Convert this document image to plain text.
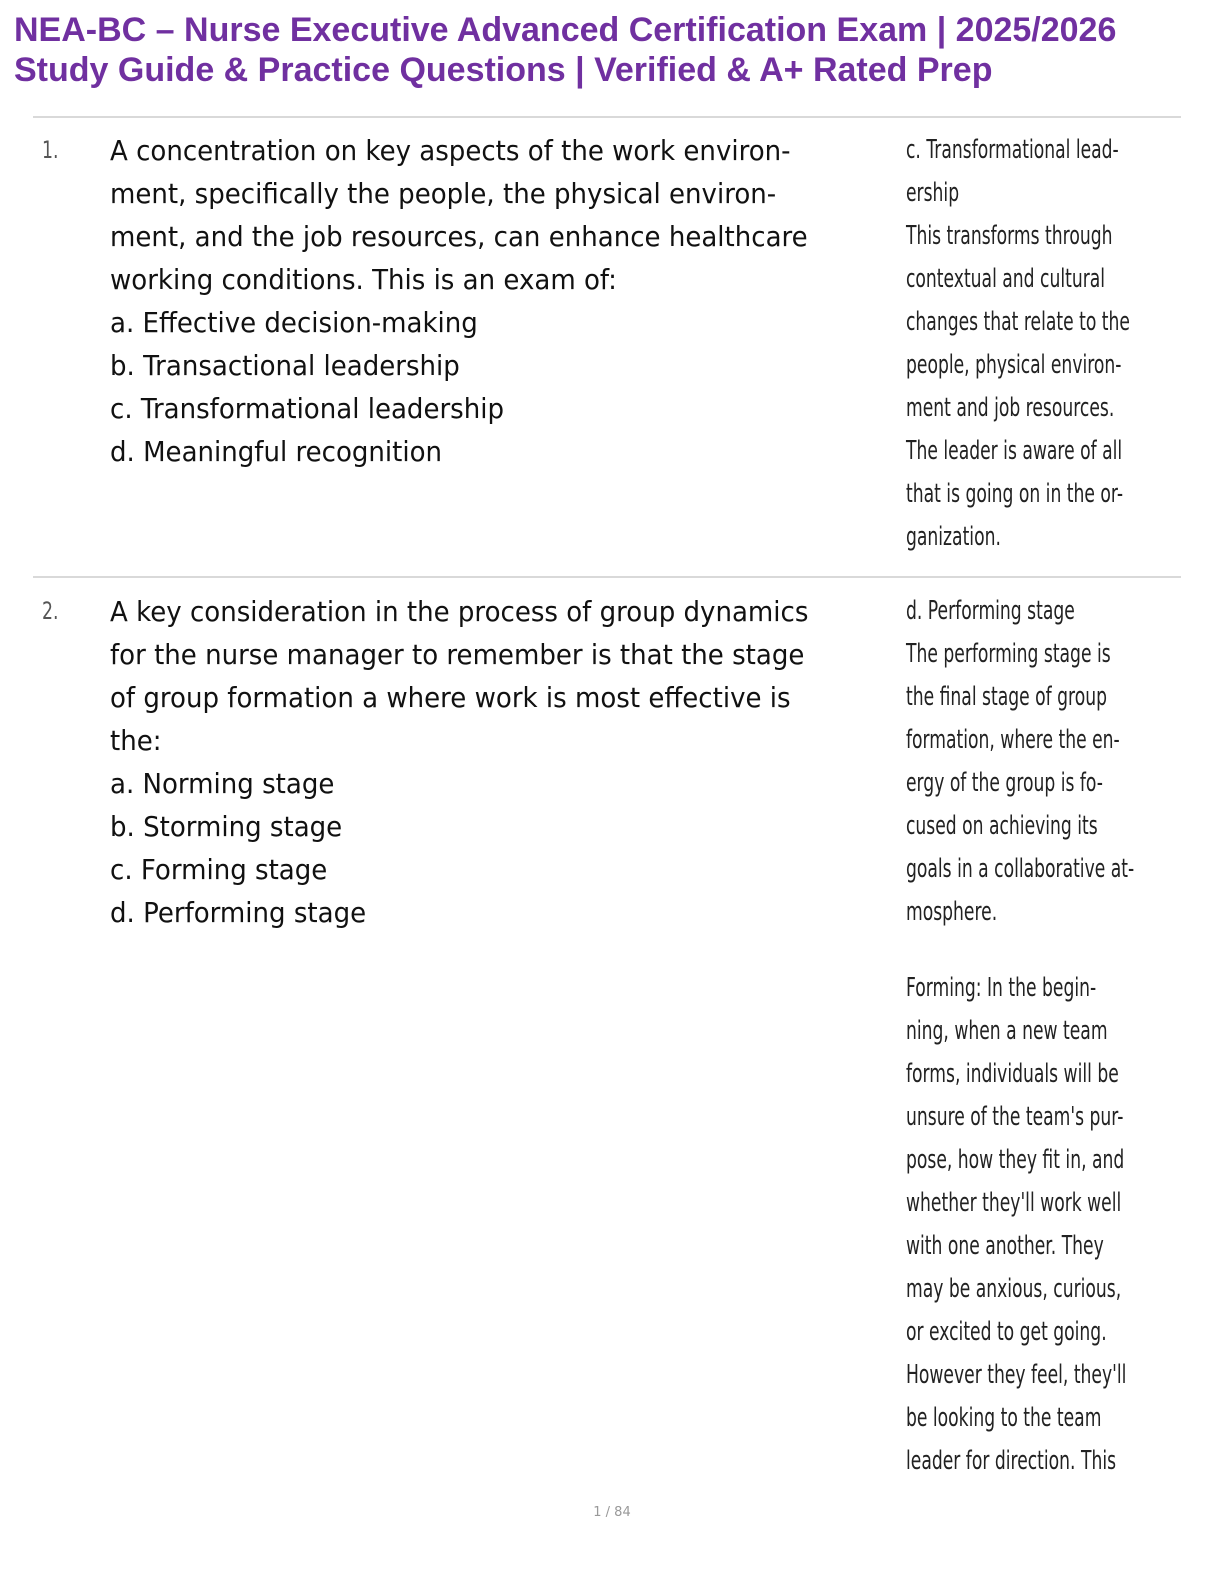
NEA-BC – Nurse Executive Advanced Certification Exam | 2025/2026
Study Guide & Practice Questions | Verified & A+ Rated Prep
1. A concentration on key aspects of the work environ-
ment, specifically the people, the physical environ-
ment, and the job resources, can enhance healthcare
working conditions. This is an exam of:
a. Effective decision-making
b. Transactional leadership
c. Transformational leadership
d. Meaningful recognition
c. Transformational lead-
ership
This transforms through
contextual and cultural
changes that relate to the
people, physical environ-
ment and job resources.
The leader is aware of all
that is going on in the or-
ganization.
2. A key consideration in the process of group dynamics
for the nurse manager to remember is that the stage
of group formation a where work is most effective is
the:
a. Norming stage
b. Storming stage
c. Forming stage
d. Performing stage
d. Performing stage
The performing stage is
the final stage of group
formation, where the en-
ergy of the group is fo-
cused on achieving its
goals in a collaborative at-
mosphere.
Forming: In the begin-
ning, when a new team
forms, individuals will be
unsure of the team's pur-
pose, how they fit in, and
whether they'll work well
with one another. They
may be anxious, curious,
or excited to get going.
However they feel, they'll
be looking to the team
leader for direction. This
1 / 84
